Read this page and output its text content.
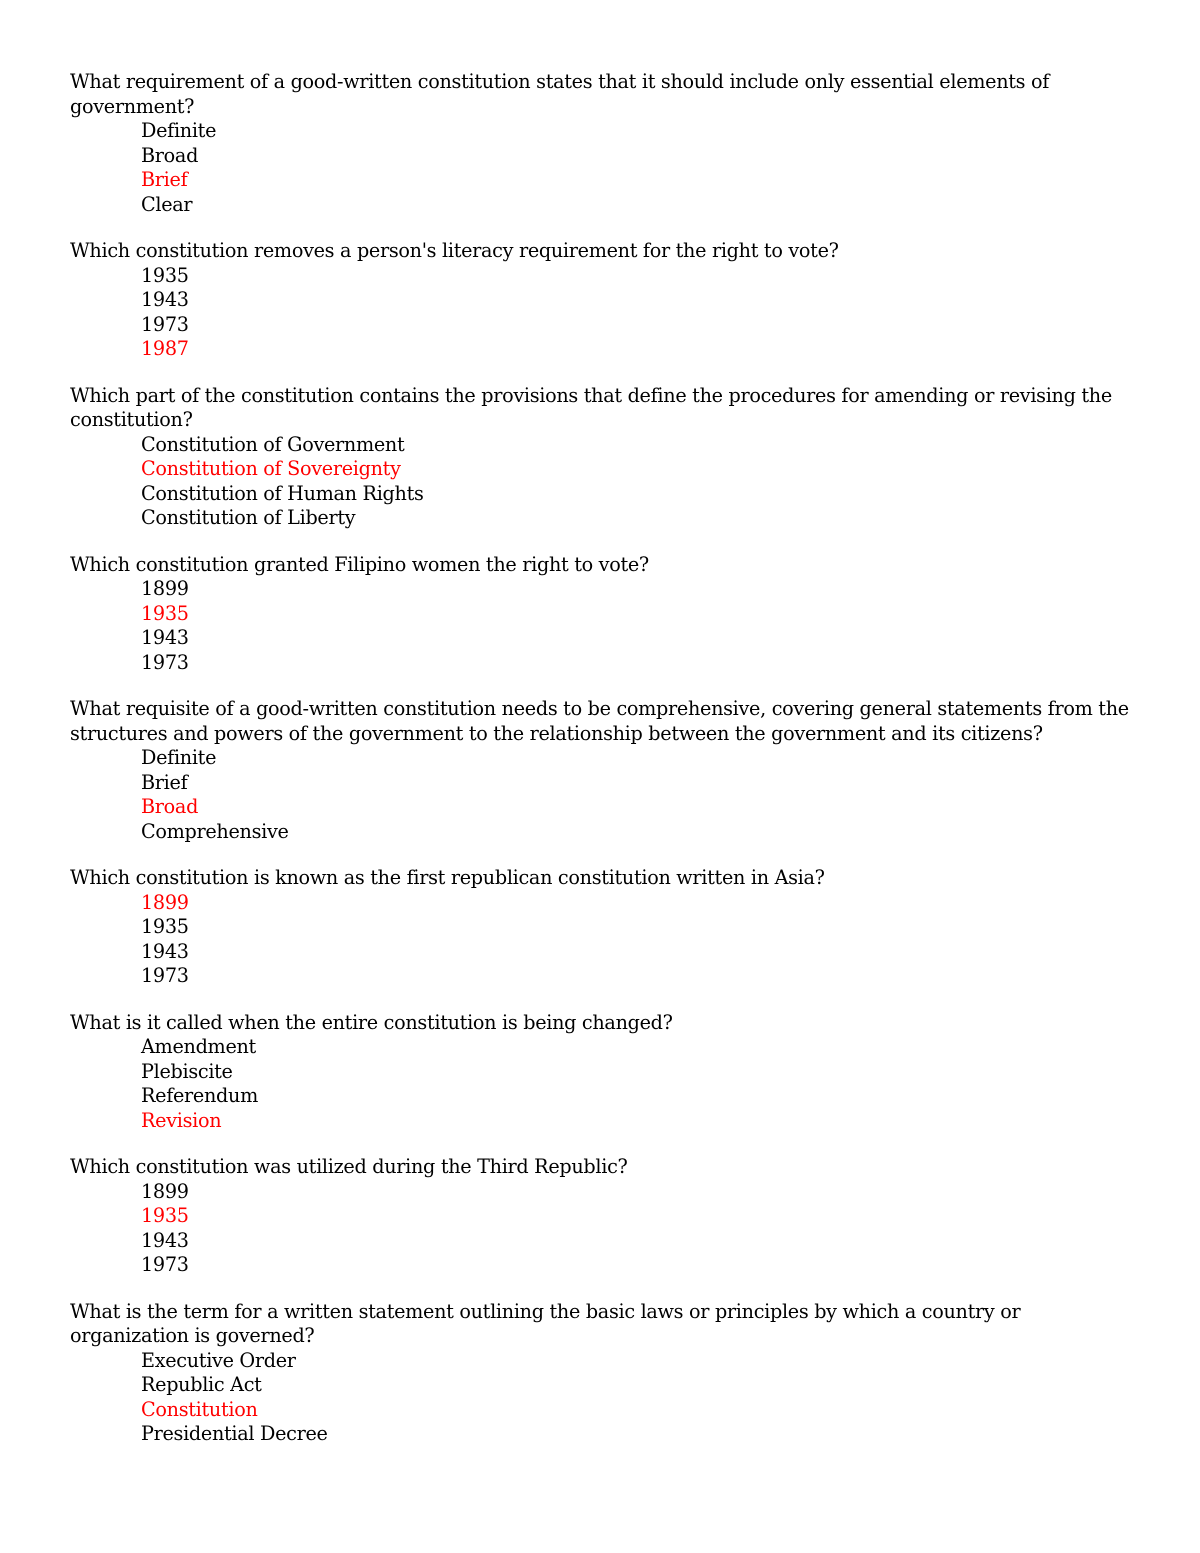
What requirement of a good-written constitution states that it should include only essential elements of government?
Definite
Broad
Brief
Clear
Which constitution removes a person's literacy requirement for the right to vote?
1935
1943
1973
1987
Which part of the constitution contains the provisions that define the procedures for amending or revising the constitution?
Constitution of Government
Constitution of Sovereignty
Constitution of Human Rights
Constitution of Liberty
Which constitution granted Filipino women the right to vote?
1899
1935
1943
1973
What requisite of a good-written constitution needs to be comprehensive, covering general statements from the structures and powers of the government to the relationship between the government and its citizens?
Definite
Brief
Broad
Comprehensive
Which constitution is known as the first republican constitution written in Asia?
1899
1935
1943
1973
What is it called when the entire constitution is being changed?
Amendment
Plebiscite
Referendum
Revision
Which constitution was utilized during the Third Republic?
1899
1935
1943
1973
What is the term for a written statement outlining the basic laws or principles by which a country or organization is governed?
Executive Order
Republic Act
Constitution
Presidential Decree
